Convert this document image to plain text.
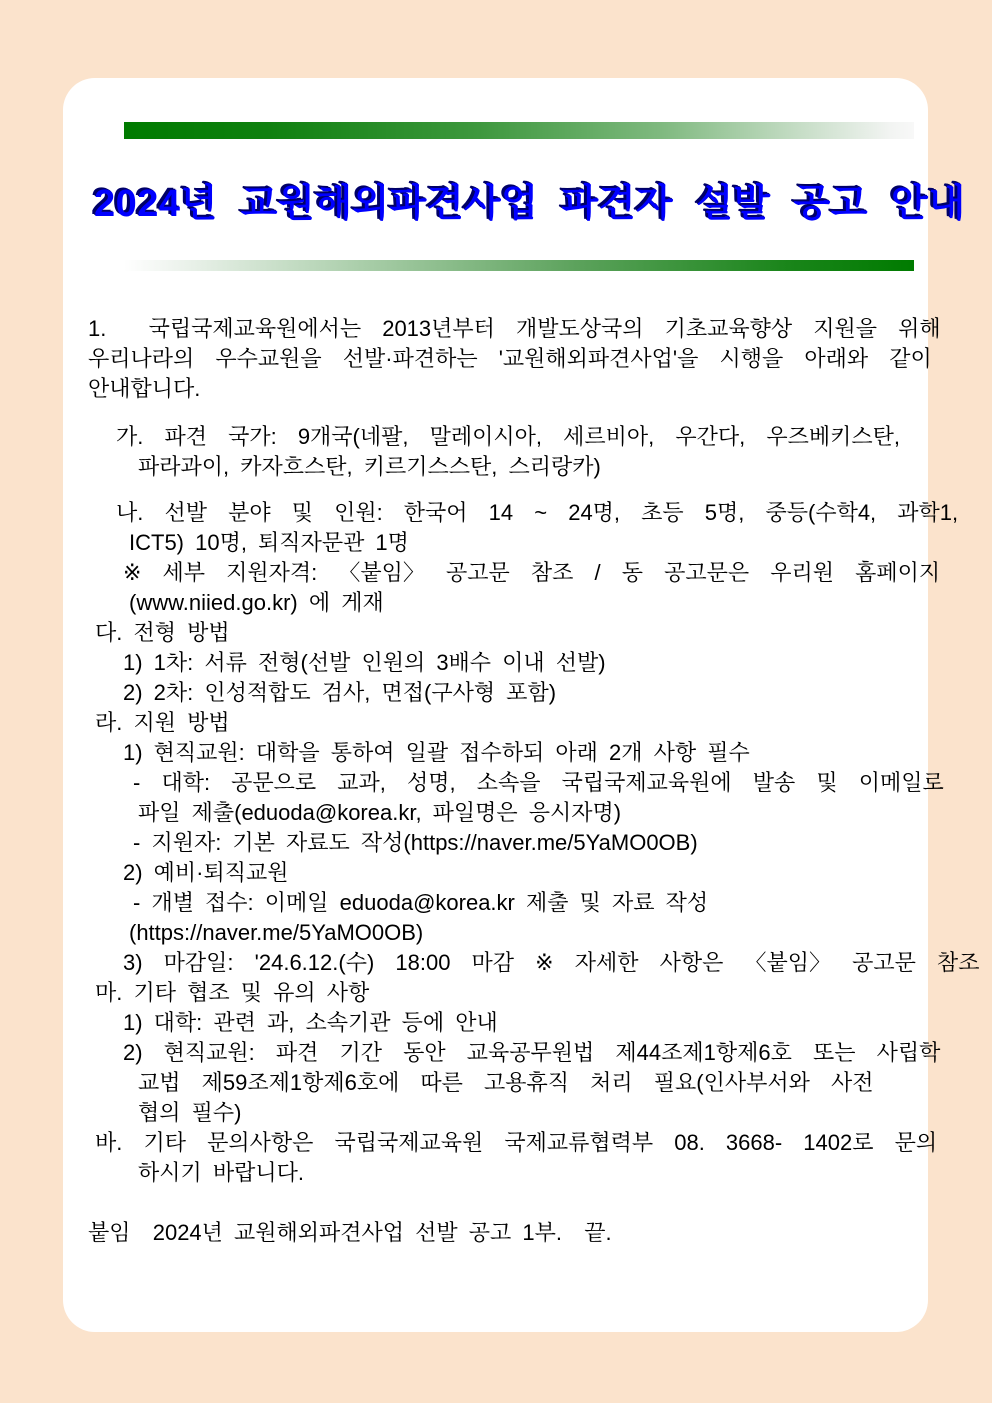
2024년 교원해외파견사업 파견자 설발 공고 안내
1.  국립국제교육원에서는 2013년부터 개발도상국의 기초교육향상 지원을 위해
우리나라의 우수교원을 선발·파견하는 '교원해외파견사업'을 시행을 아래와 같이
안내합니다.
가. 파견 국가: 9개국(네팔, 말레이시아, 세르비아, 우간다, 우즈베키스탄,
파라과이, 카자흐스탄, 키르기스스탄, 스리랑카)
나. 선발 분야 및 인원: 한국어 14 ~ 24명, 초등 5명, 중등(수학4, 과학1,
ICT5) 10명, 퇴직자문관 1명
※ 세부 지원자격: 〈붙임〉 공고문 참조 / 동 공고문은 우리원 홈페이지
(www.niied.go.kr) 에 게재
다. 전형 방법
1) 1차: 서류 전형(선발 인원의 3배수 이내 선발)
2) 2차: 인성적합도 검사, 면접(구사형 포함)
라. 지원 방법
1) 현직교원: 대학을 통하여 일괄 접수하되 아래 2개 사항 필수
- 대학: 공문으로 교과, 성명, 소속을 국립국제교육원에 발송 및 이메일로
파일 제출(eduoda@korea.kr, 파일명은 응시자명)
- 지원자: 기본 자료도 작성(https://naver.me/5YaMO0OB)
2) 예비·퇴직교원
- 개별 접수: 이메일 eduoda@korea.kr 제출 및 자료 작성
(https://naver.me/5YaMO0OB)
3) 마감일: '24.6.12.(수) 18:00 마감 ※ 자세한 사항은 〈붙임〉 공고문 참조
마. 기타 협조 및 유의 사항
1) 대학: 관련 과, 소속기관 등에 안내
2) 현직교원: 파견 기간 동안 교육공무원법 제44조제1항제6호 또는 사립학
교법 제59조제1항제6호에 따른 고용휴직 처리 필요(인사부서와 사전
협의 필수)
바. 기타 문의사항은 국립국제교육원 국제교류협력부 08. 3668- 1402로 문의
하시기 바랍니다.
붙임  2024년 교원해외파견사업 선발 공고 1부.  끝.
